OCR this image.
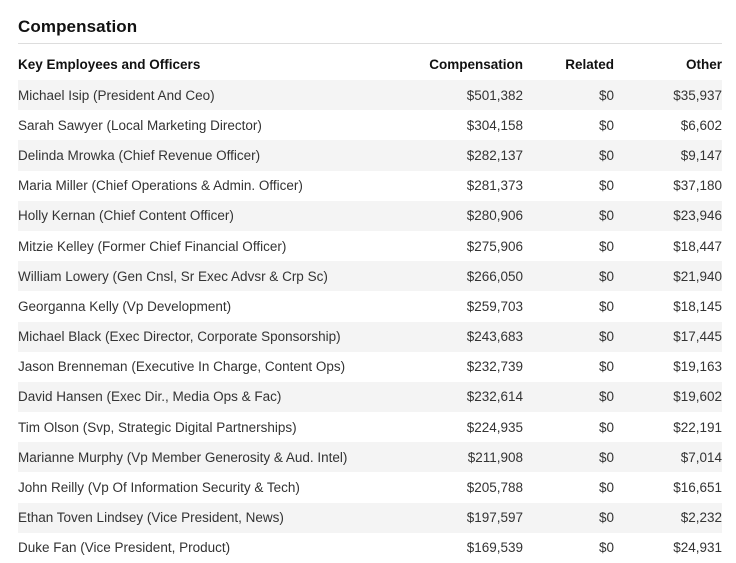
Compensation
Key Employees and Officers	Compensation	Related	Other
Michael Isip (President And Ceo)	$501,382	$0	$35,937
Sarah Sawyer (Local Marketing Director)	$304,158	$0	$6,602
Delinda Mrowka (Chief Revenue Officer)	$282,137	$0	$9,147
Maria Miller (Chief Operations & Admin. Officer)	$281,373	$0	$37,180
Holly Kernan (Chief Content Officer)	$280,906	$0	$23,946
Mitzie Kelley (Former Chief Financial Officer)	$275,906	$0	$18,447
William Lowery (Gen Cnsl, Sr Exec Advsr & Crp Sc)	$266,050	$0	$21,940
Georganna Kelly (Vp Development)	$259,703	$0	$18,145
Michael Black (Exec Director, Corporate Sponsorship)	$243,683	$0	$17,445
Jason Brenneman (Executive In Charge, Content Ops)	$232,739	$0	$19,163
David Hansen (Exec Dir., Media Ops & Fac)	$232,614	$0	$19,602
Tim Olson (Svp, Strategic Digital Partnerships)	$224,935	$0	$22,191
Marianne Murphy (Vp Member Generosity & Aud. Intel)	$211,908	$0	$7,014
John Reilly (Vp Of Information Security & Tech)	$205,788	$0	$16,651
Ethan Toven Lindsey (Vice President, News)	$197,597	$0	$2,232
Duke Fan (Vice President, Product)	$169,539	$0	$24,931
